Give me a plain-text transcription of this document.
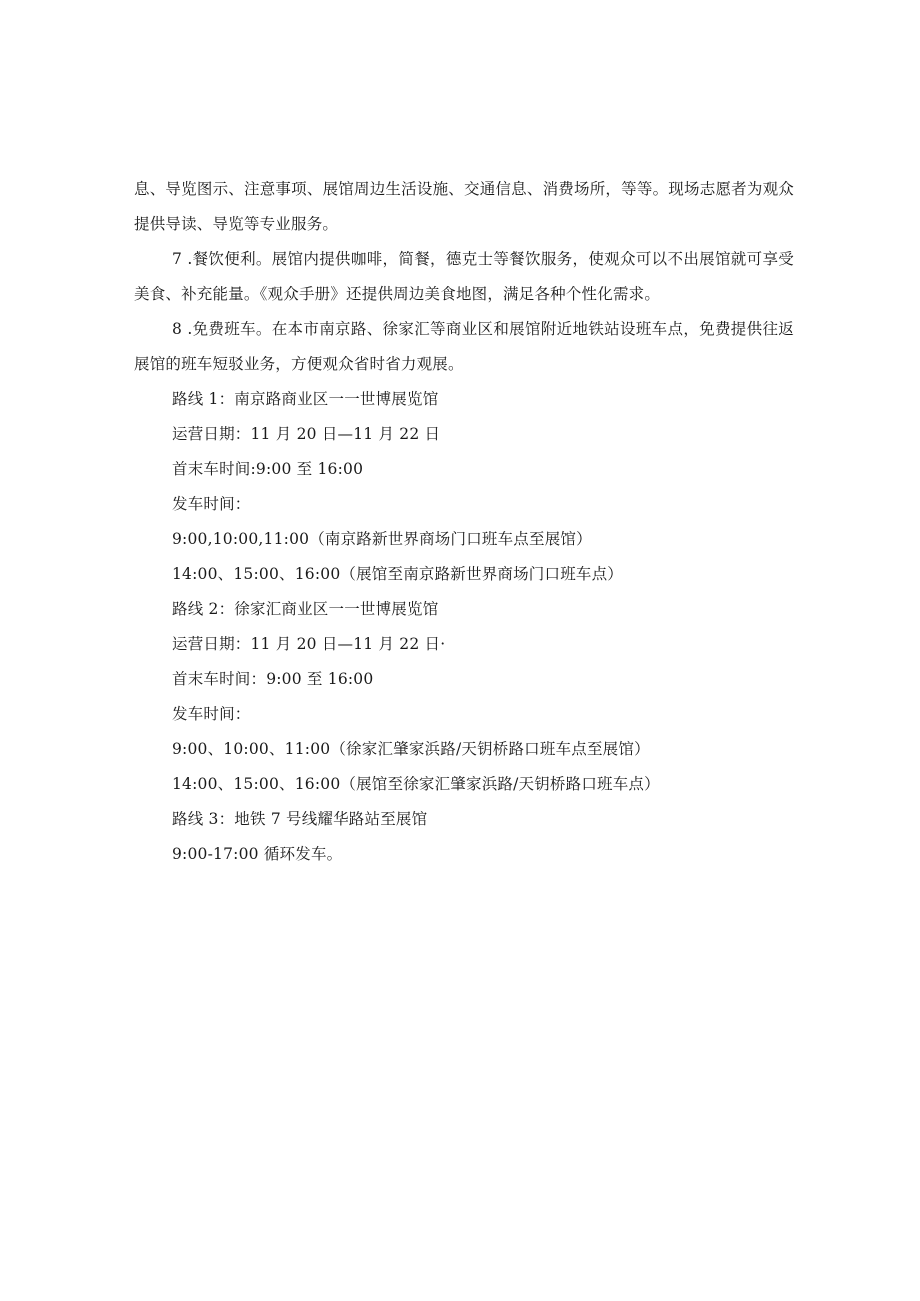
息、导览图示、注意事项、展馆周边生活设施、交通信息、消费场所，等等。现场志愿者为观众提供导读、导览等专业服务。

7 .餐饮便利。展馆内提供咖啡，简餐，德克士等餐饮服务，使观众可以不出展馆就可享受美食、补充能量。《观众手册》还提供周边美食地图，满足各种个性化需求。

8 .免费班车。在本市南京路、徐家汇等商业区和展馆附近地铁站设班车点，免费提供往返展馆的班车短驳业务，方便观众省时省力观展。

路线 1：南京路商业区一一世博展览馆

运营日期：11 月 20 日—11 月 22 日

首末车时间:9:00 至 16:00

发车时间：

9:00,10:00,11:00（南京路新世界商场门口班车点至展馆）

14:00、15:00、16:00（展馆至南京路新世界商场门口班车点）

路线 2：徐家汇商业区一一世博展览馆

运营日期：11 月 20 日—11 月 22 日·

首末车时间：9:00 至 16:00

发车时间：

9:00、10:00、11:00（徐家汇肇家浜路/天钥桥路口班车点至展馆）

14:00、15:00、16:00（展馆至徐家汇肇家浜路/天钥桥路口班车点）

路线 3：地铁 7 号线耀华路站至展馆

9:00-17:00 循环发车。
